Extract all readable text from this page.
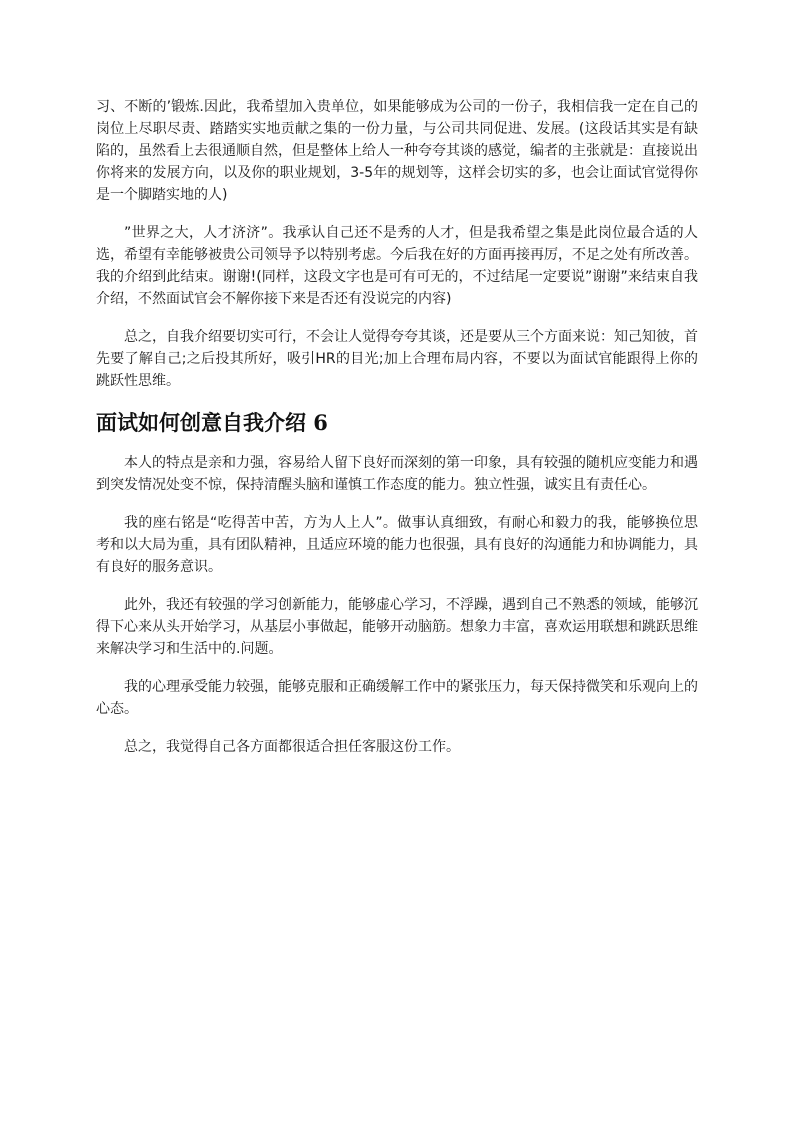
习、不断的’锻炼.因此，我希望加入贵单位，如果能够成为公司的一份子，我相信我一定在自己的岗位上尽职尽责、踏踏实实地贡献之集的一份力量，与公司共同促进、发展。(这段话其实是有缺陷的，虽然看上去很通顺自然，但是整体上给人一种夸夸其谈的感觉，编者的主张就是：直接说出你将来的发展方向，以及你的职业规划，3-5年的规划等，这样会切实的多，也会让面试官觉得你是一个脚踏实地的人)

”世界之大，人才济济”。我承认自己还不是秀的人才，但是我希望之集是此岗位最合适的人选，希望有幸能够被贵公司领导予以特别考虑。今后我在好的方面再接再厉，不足之处有所改善。我的介绍到此结束。谢谢!(同样，这段文字也是可有可无的，不过结尾一定要说”谢谢”来结束自我介绍，不然面试官会不解你接下来是否还有没说完的内容)

总之，自我介绍要切实可行，不会让人觉得夸夸其谈，还是要从三个方面来说：知己知彼，首先要了解自己;之后投其所好，吸引HR的目光;加上合理布局内容，不要以为面试官能跟得上你的跳跃性思维。

面试如何创意自我介绍 6

本人的特点是亲和力强，容易给人留下良好而深刻的第一印象，具有较强的随机应变能力和遇到突发情况处变不惊，保持清醒头脑和谨慎工作态度的能力。独立性强，诚实且有责任心。

我的座右铭是“吃得苦中苦，方为人上人”。做事认真细致，有耐心和毅力的我，能够换位思考和以大局为重，具有团队精神，且适应环境的能力也很强，具有良好的沟通能力和协调能力，具有良好的服务意识。

此外，我还有较强的学习创新能力，能够虚心学习，不浮躁，遇到自己不熟悉的领域，能够沉得下心来从头开始学习，从基层小事做起，能够开动脑筋。想象力丰富，喜欢运用联想和跳跃思维来解决学习和生活中的.问题。

我的心理承受能力较强，能够克服和正确缓解工作中的紧张压力，每天保持微笑和乐观向上的心态。

总之，我觉得自己各方面都很适合担任客服这份工作。
